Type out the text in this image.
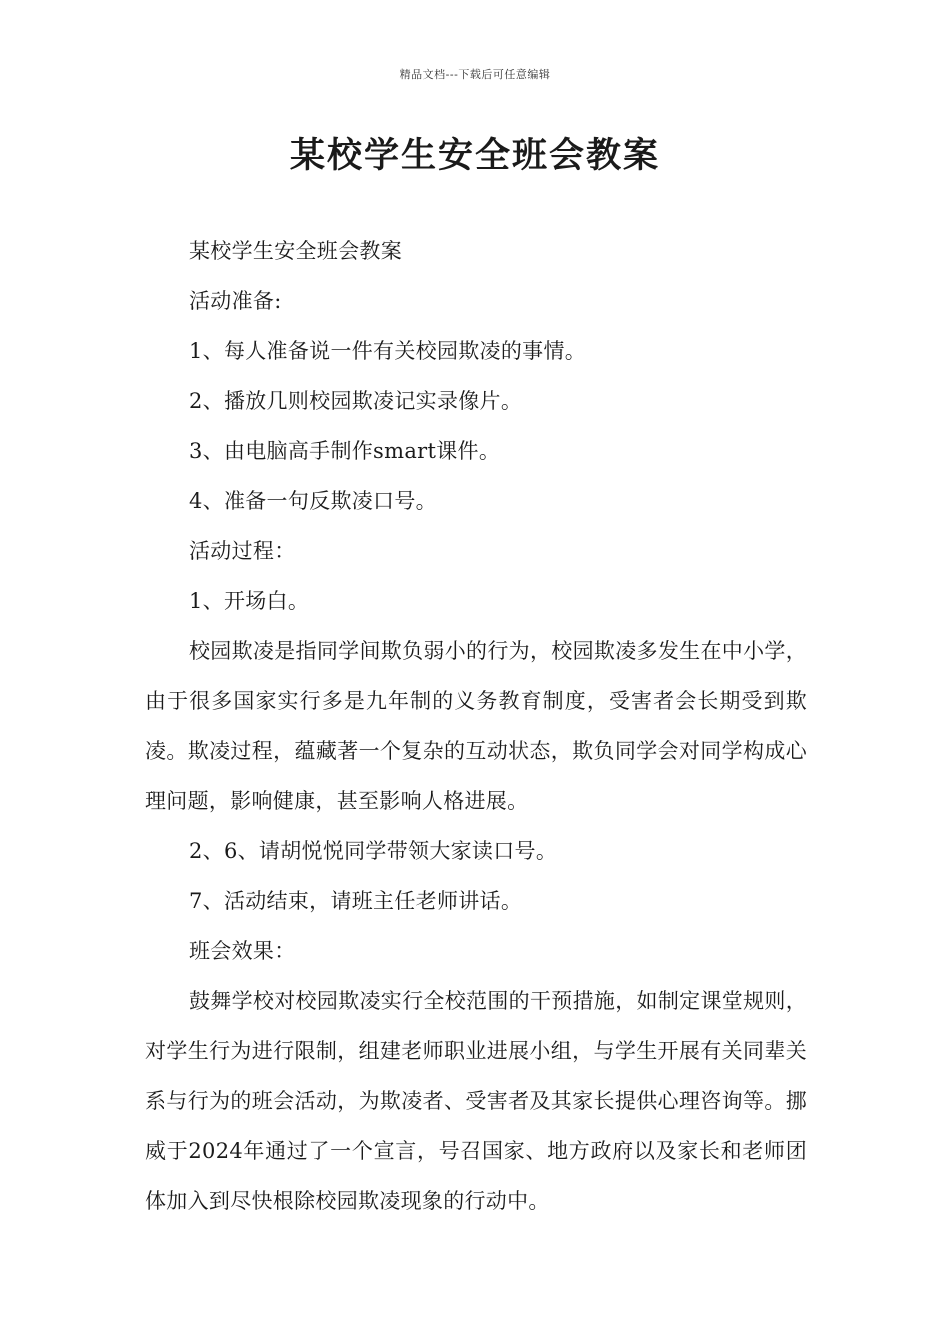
精品文档---下载后可任意编辑
某校学生安全班会教案

某校学生安全班会教案

活动准备:

1、每人准备说一件有关校园欺凌的事情。

2、播放几则校园欺凌记实录像片。

3、由电脑高手制作smart课件。

4、准备一句反欺凌口号。

活动过程：

1、开场白。

校园欺凌是指同学间欺负弱小的行为，校园欺凌多发生在中小学，由于很多国家实行多是九年制的义务教育制度，受害者会长期受到欺凌。欺凌过程，蕴藏著一个复杂的互动状态，欺负同学会对同学构成心理问题，影响健康，甚至影响人格进展。

2、6、请胡悦悦同学带领大家读口号。

7、活动结束，请班主任老师讲话。

班会效果：

鼓舞学校对校园欺凌实行全校范围的干预措施，如制定课堂规则，对学生行为进行限制，组建老师职业进展小组，与学生开展有关同辈关系与行为的班会活动，为欺凌者、受害者及其家长提供心理咨询等。挪威于2024年通过了一个宣言，号召国家、地方政府以及家长和老师团体加入到尽快根除校园欺凌现象的行动中。
